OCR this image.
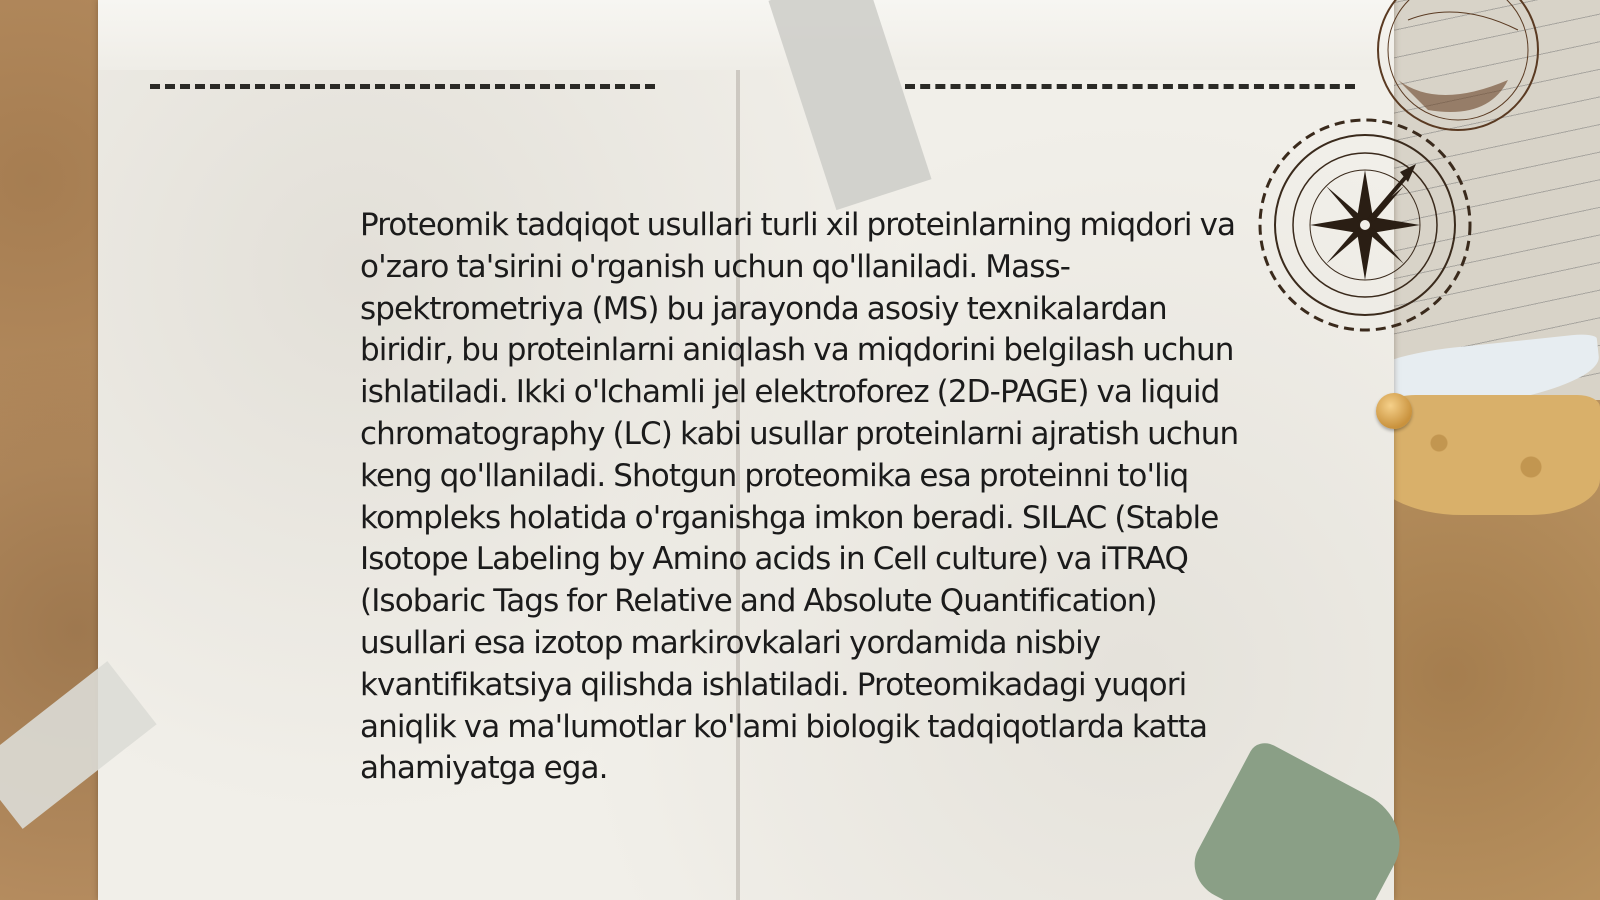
Proteomik tadqiqot usullari turli xil proteinlarning miqdori va o'zaro ta'sirini o'rganish uchun qo'llaniladi. Mass-spektrometriya (MS) bu jarayonda asosiy texnikalardan biridir, bu proteinlarni aniqlash va miqdorini belgilash uchun ishlatiladi. Ikki o'lchamli jel elektroforez (2D-PAGE) va liquid chromatography (LC) kabi usullar proteinlarni ajratish uchun keng qo'llaniladi. Shotgun proteomika esa proteinni to'liq kompleks holatida o'rganishga imkon beradi. SILAC (Stable Isotope Labeling by Amino acids in Cell culture) va iTRAQ (Isobaric Tags for Relative and Absolute Quantification) usullari esa izotop markirovkalari yordamida nisbiy kvantifikatsiya qilishda ishlatiladi. Proteomikadagi yuqori aniqlik va ma'lumotlar ko'lami biologik tadqiqotlarda katta ahamiyatga ega.
